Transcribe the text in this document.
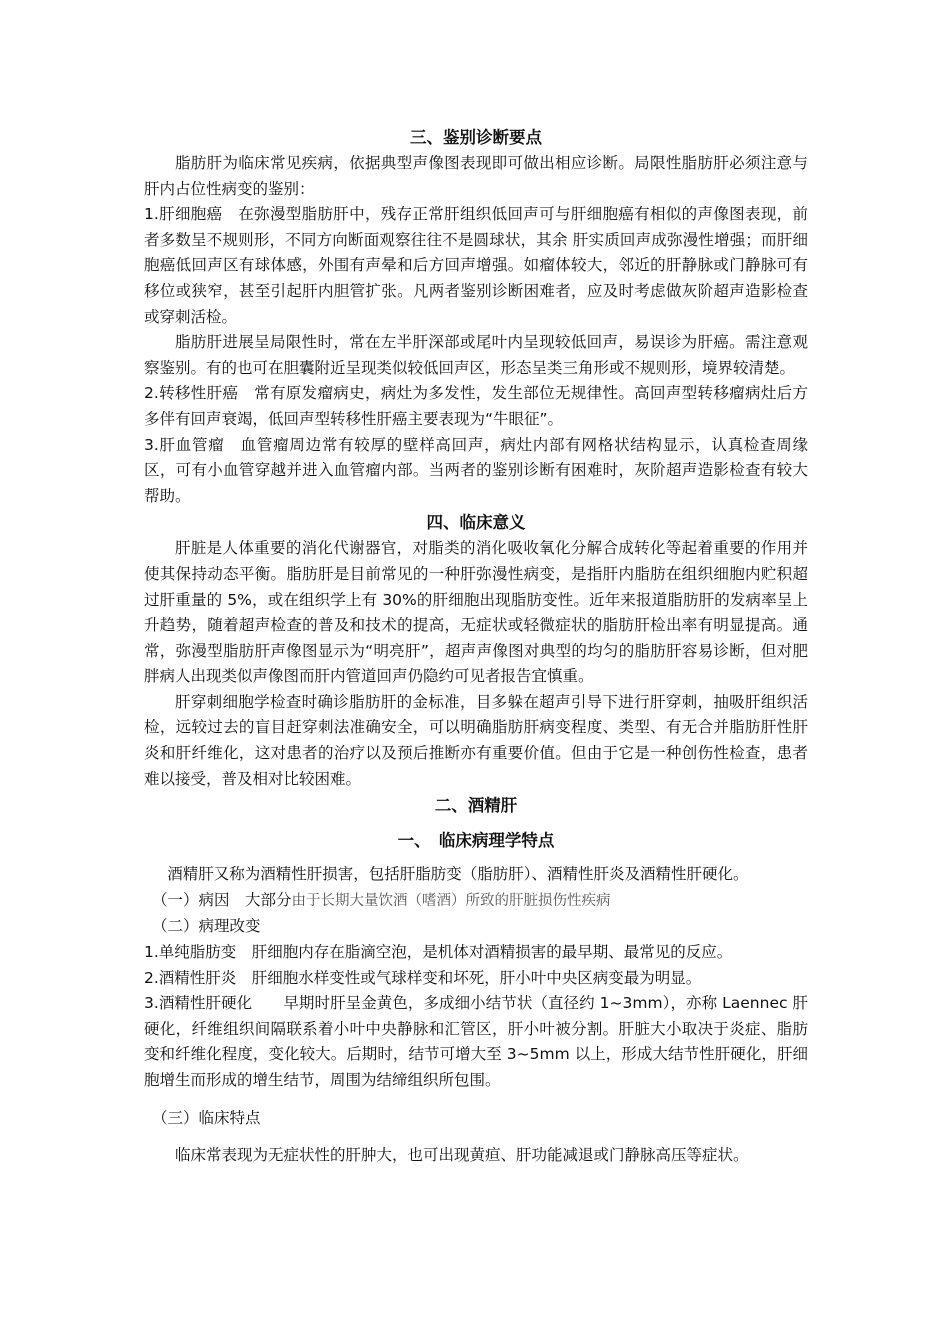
三、鉴别诊断要点

脂肪肝为临床常见疾病，依据典型声像图表现即可做出相应诊断。局限性脂肪肝必须注意与肝内占位性病变的鉴别：

1.肝细胞癌　在弥漫型脂肪肝中，残存正常肝组织低回声可与肝细胞癌有相似的声像图表现，前者多数呈不规则形，不同方向断面观察往往不是圆球状，其余 肝实质回声成弥漫性增强；而肝细胞癌低回声区有球体感，外围有声晕和后方回声增强。如瘤体较大，邻近的肝静脉或门静脉可有移位或狭窄，甚至引起肝内胆管扩张。凡两者鉴别诊断困难者，应及时考虑做灰阶超声造影检查或穿刺活检。

脂肪肝进展呈局限性时，常在左半肝深部或尾叶内呈现较低回声，易误诊为肝癌。需注意观察鉴别。有的也可在胆囊附近呈现类似较低回声区，形态呈类三角形或不规则形，境界较清楚。

2.转移性肝癌　常有原发瘤病史，病灶为多发性，发生部位无规律性。高回声型转移瘤病灶后方多伴有回声衰竭，低回声型转移性肝癌主要表现为“牛眼征”。

3.肝血管瘤　血管瘤周边常有较厚的壁样高回声，病灶内部有网格状结构显示，认真检查周缘区，可有小血管穿越并进入血管瘤内部。当两者的鉴别诊断有困难时，灰阶超声造影检查有较大帮助。

四、临床意义

肝脏是人体重要的消化代谢器官，对脂类的消化吸收氧化分解合成转化等起着重要的作用并使其保持动态平衡。脂肪肝是目前常见的一种肝弥漫性病变，是指肝内脂肪在组织细胞内贮积超过肝重量的 5%，或在组织学上有 30%的肝细胞出现脂肪变性。近年来报道脂肪肝的发病率呈上升趋势，随着超声检查的普及和技术的提高，无症状或轻微症状的脂肪肝检出率有明显提高。通常，弥漫型脂肪肝声像图显示为“明亮肝”，超声声像图对典型的均匀的脂肪肝容易诊断，但对肥胖病人出现类似声像图而肝内管道回声仍隐约可见者报告宜慎重。

肝穿刺细胞学检查时确诊脂肪肝的金标准，目多躲在超声引导下进行肝穿刺，抽吸肝组织活检，远较过去的盲目赶穿刺法准确安全，可以明确脂肪肝病变程度、类型、有无合并脂肪肝性肝炎和肝纤维化，这对患者的治疗以及预后推断亦有重要价值。但由于它是一种创伤性检查，患者难以接受，普及相对比较困难。

二、酒精肝

一、　临床病理学特点

酒精肝又称为酒精性肝损害，包括肝脂肪变（脂肪肝）、酒精性肝炎及酒精性肝硬化。

（一）病因　大部分由于长期大量饮酒（嗜酒）所致的肝脏损伤性疾病

（二）病理改变

1.单纯脂肪变　肝细胞内存在脂滴空泡，是机体对酒精损害的最早期、最常见的反应。

2.酒精性肝炎　肝细胞水样变性或气球样变和坏死，肝小叶中央区病变最为明显。

3.酒精性肝硬化　　早期时肝呈金黄色，多成细小结节状（直径约 1~3mm），亦称 Laennec 肝硬化，纤维组织间隔联系着小叶中央静脉和汇管区，肝小叶被分割。肝脏大小取决于炎症、脂肪变和纤维化程度，变化较大。后期时，结节可增大至 3~5mm 以上，形成大结节性肝硬化，肝细胞增生而形成的增生结节，周围为结缔组织所包围。

（三）临床特点

临床常表现为无症状性的肝肿大，也可出现黄疸、肝功能减退或门静脉高压等症状。
